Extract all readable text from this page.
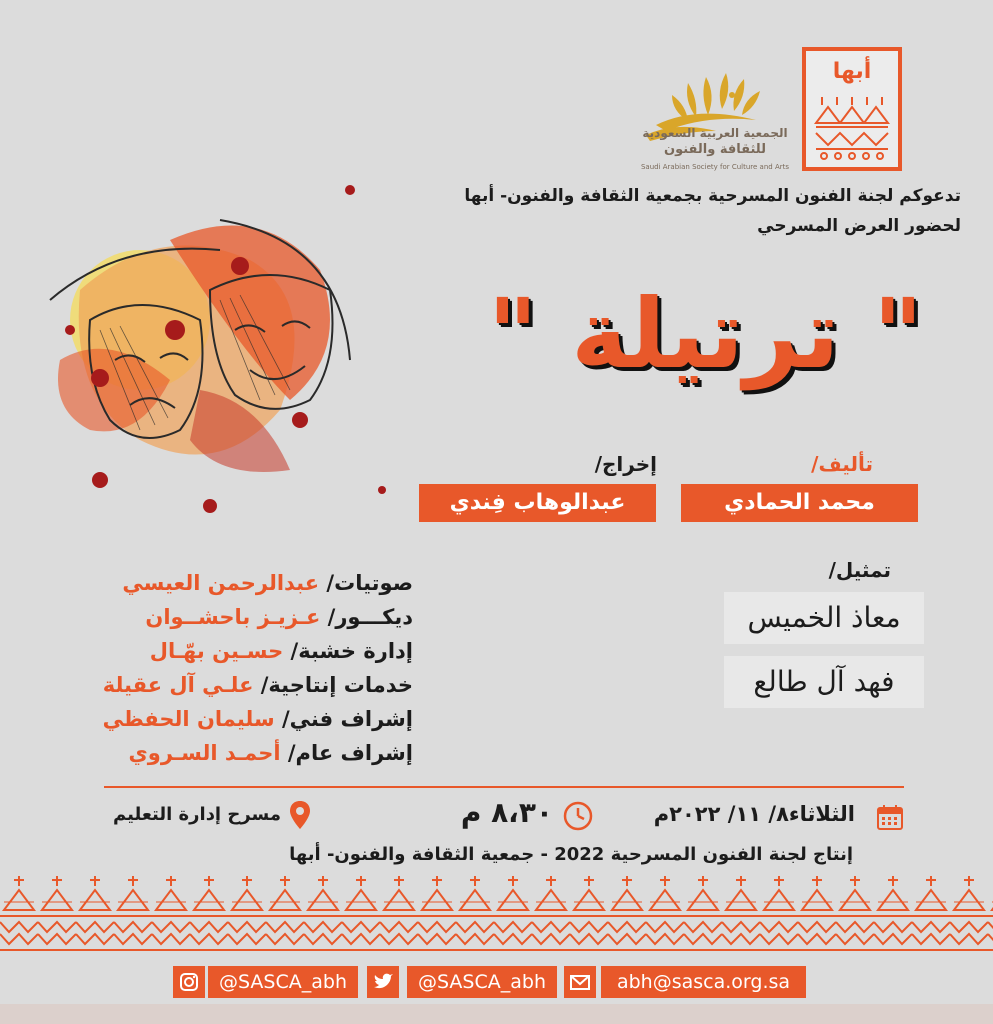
أبها
الجمعية العربية السعودية
للثقافة والفنون
Saudi Arabian Society for Culture and Arts
تدعوكم لجنة الفنون المسرحية بجمعية الثقافة والفنون- أبها
لحضور العرض المسرحي
" ترتيلة "
تأليف/
محمد الحمادي
إخراج/
عبدالوهاب فِندي
تمثيل/
معاذ الخميس
فهد آل طالع
صوتيات/ عبدالرحمن العيسي
ديكـــور/ عـزيـز باحشــوان
إدارة خشبة/ حسـين بهّـال
خدمات إنتاجية/ علـي آل عقيلة
إشراف فني/ سليمان الحفظي
إشراف عام/ أحمـد السـروي
الثلاثاء٨/ ١١/ ٢٠٢٢م
٨،٣٠ م
مسرح إدارة التعليم
إنتاج لجنة الفنون المسرحية 2022 - جمعية الثقافة والفنون- أبها
@SASCA_abh	@SASCA_abh	abh@sasca.org.sa
